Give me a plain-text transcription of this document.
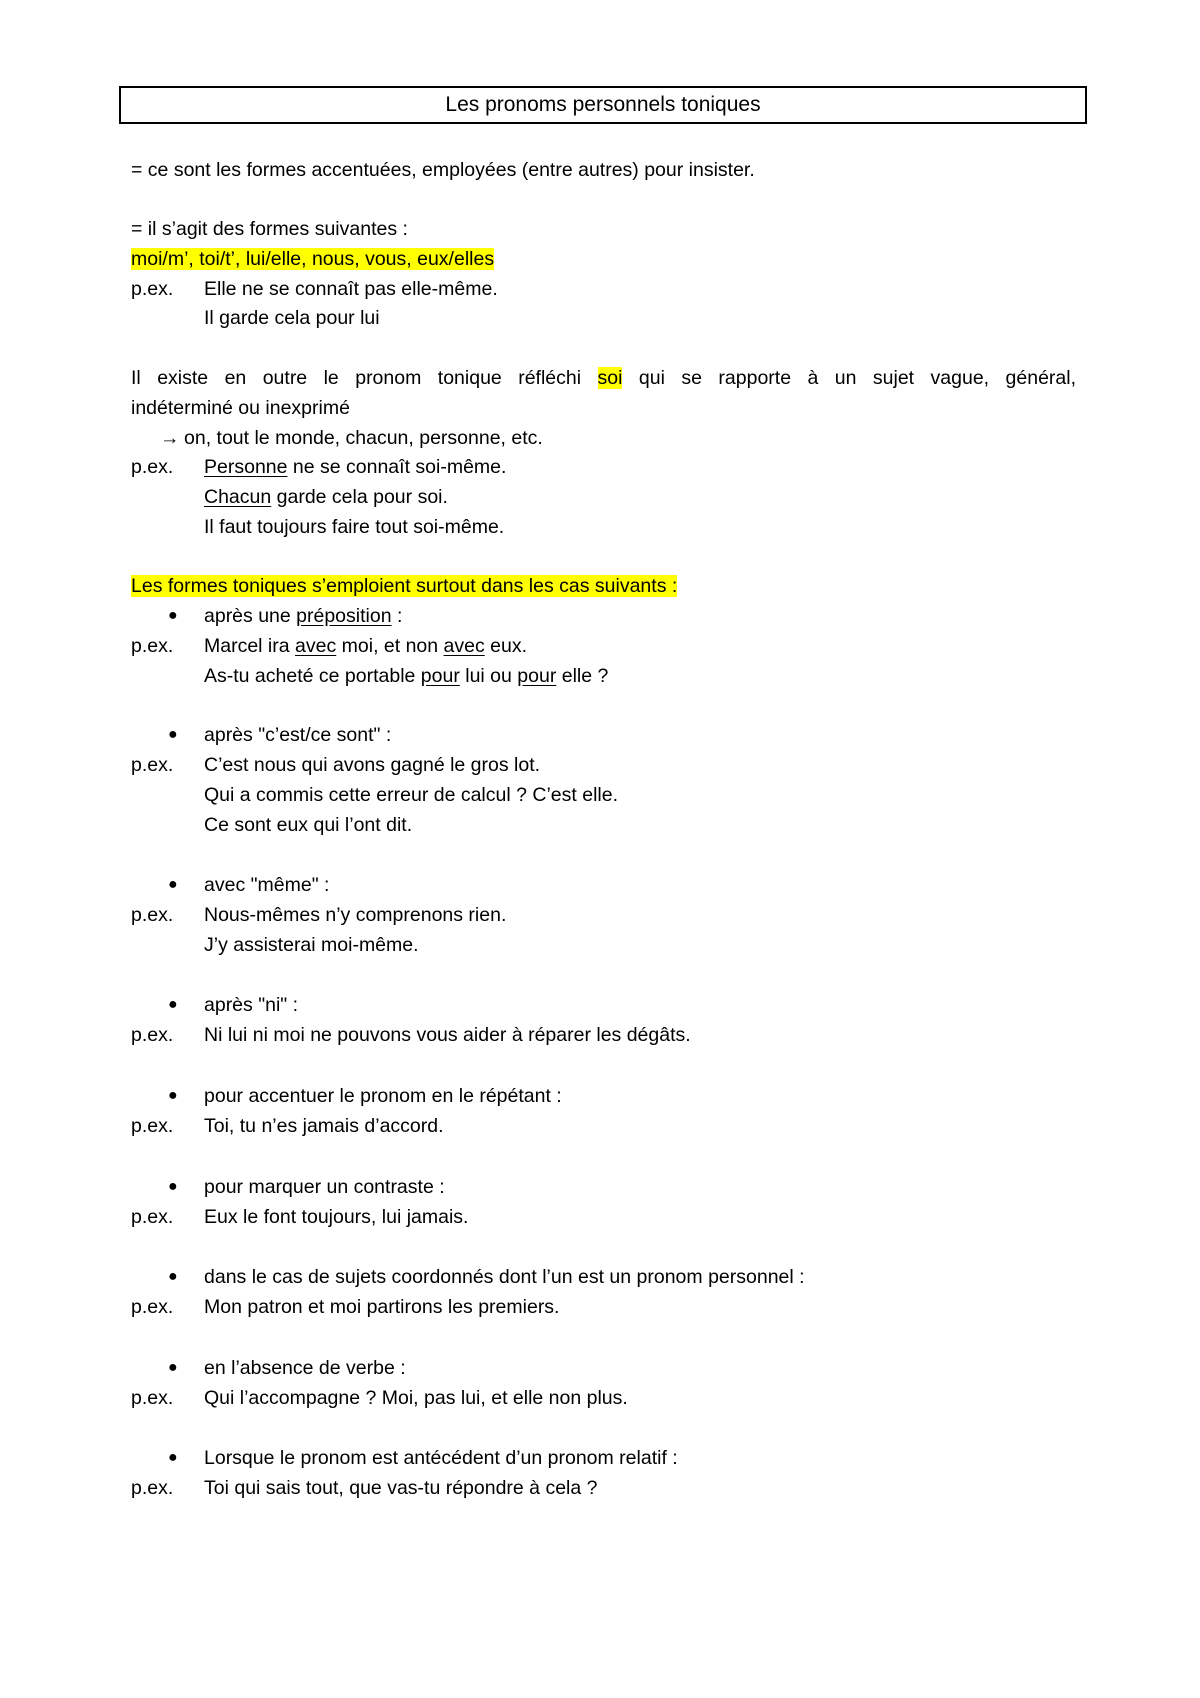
Les pronoms personnels toniques
= ce sont les formes accentuées, employées (entre autres) pour insister.
= il s’agit des formes suivantes :
moi/m’, toi/t’, lui/elle, nous, vous, eux/elles
p.ex. Elle ne se connaît pas elle-même.
Il garde cela pour lui
Il existe en outre le pronom tonique réfléchi soi qui se rapporte à un sujet vague, général,
indéterminé ou inexprimé
→ on, tout le monde, chacun, personne, etc.
p.ex. Personne ne se connaît soi-même.
Chacun garde cela pour soi.
Il faut toujours faire tout soi-même.
Les formes toniques s’emploient surtout dans les cas suivants :
● après une préposition :
p.ex. Marcel ira avec moi, et non avec eux.
As-tu acheté ce portable pour lui ou pour elle ?
● après "c’est/ce sont" :
p.ex. C’est nous qui avons gagné le gros lot.
Qui a commis cette erreur de calcul ? C’est elle.
Ce sont eux qui l’ont dit.
● avec "même" :
p.ex. Nous-mêmes n’y comprenons rien.
J’y assisterai moi-même.
● après "ni" :
p.ex. Ni lui ni moi ne pouvons vous aider à réparer les dégâts.
● pour accentuer le pronom en le répétant :
p.ex. Toi, tu n’es jamais d’accord.
● pour marquer un contraste :
p.ex. Eux le font toujours, lui jamais.
● dans le cas de sujets coordonnés dont l’un est un pronom personnel :
p.ex. Mon patron et moi partirons les premiers.
● en l’absence de verbe :
p.ex. Qui l’accompagne ? Moi, pas lui, et elle non plus.
● Lorsque le pronom est antécédent d’un pronom relatif :
p.ex. Toi qui sais tout, que vas-tu répondre à cela ?
